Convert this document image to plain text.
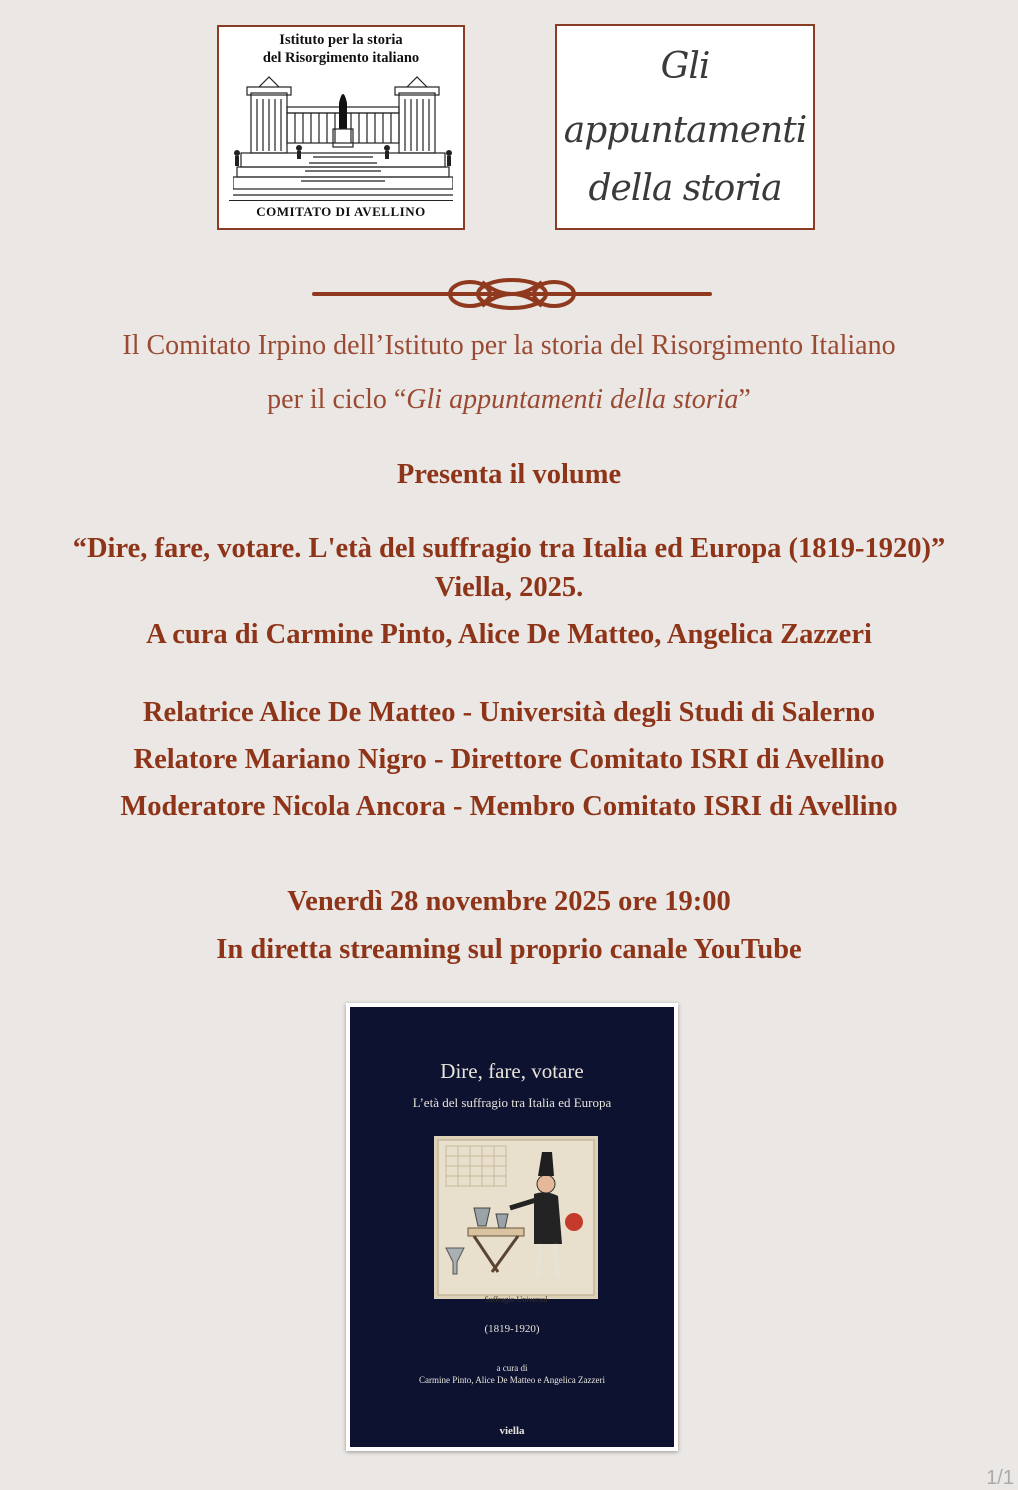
Istituto per la storia
del Risorgimento italiano
COMITATO DI AVELLINO
Gli
appuntamenti
della storia

Il Comitato Irpino dell’Istituto per la storia del Risorgimento Italiano

per il ciclo “Gli appuntamenti della storia”

Presenta il volume

“Dire, fare, votare. L'età del suffragio tra Italia ed Europa (1819-1920)”

Viella, 2025.

A cura di Carmine Pinto, Alice De Matteo, Angelica Zazzeri

Relatrice Alice De Matteo - Università degli Studi di Salerno

Relatore Mariano Nigro - Direttore Comitato ISRI di Avellino

Moderatore Nicola Ancora - Membro Comitato ISRI di Avellino

Venerdì 28 novembre 2025 ore 19:00

In diretta streaming sul proprio canale YouTube

Dire, fare, votare

L’età del suffragio tra Italia ed Europa

Suffragio Universal

(1819-1920)

a cura di

Carmine Pinto, Alice De Matteo e Angelica Zazzeri

viella

1/1
